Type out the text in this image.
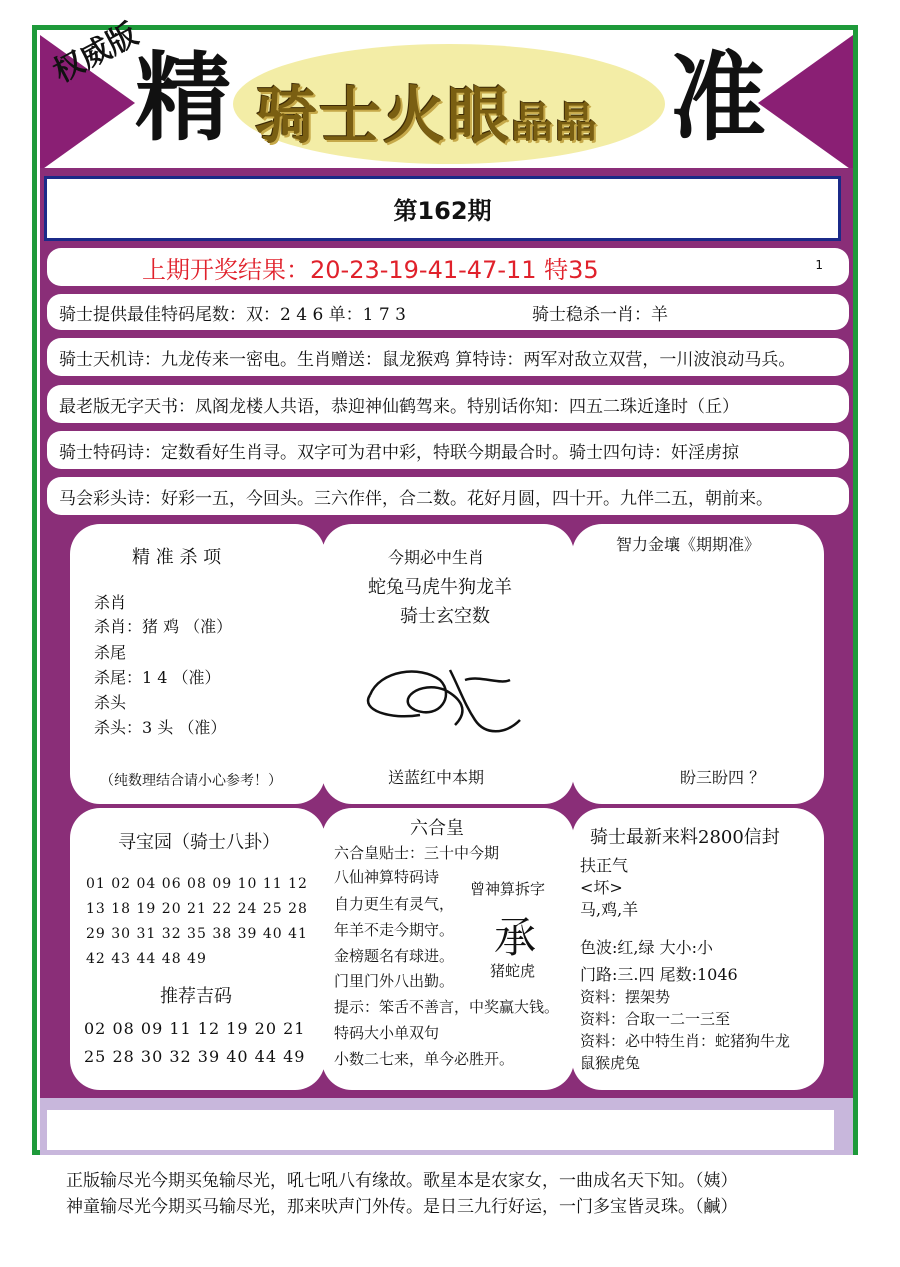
权威版
精	准
骑士火眼晶晶
第162期
上期开奖结果：20-23-19-41-47-11 特35	1
骑士提供最佳特码尾数：双：2 4 6 单：1 7 3	骑士稳杀一肖：羊
骑士天机诗：九龙传来一密电。生肖赠送：鼠龙猴鸡 算特诗：两军对敌立双营，一川波浪动马兵。
最老版无字天书：凤阁龙楼人共语，恭迎神仙鹤驾来。特别话你知：四五二珠近逢时（丘）
骑士特码诗：定数看好生肖寻。双字可为君中彩，特联今期最合时。骑士四句诗：奸淫虏掠
马会彩头诗：好彩一五，今回头。三六作伴，合二数。花好月圆，四十开。九伴二五，朝前来。
精 准 杀 项
杀肖
杀肖：猪 鸡 （准）
杀尾
杀尾：1 4 （准）
杀头
杀头：3 头 （准）
（纯数理结合请小心参考！）
今期必中生肖
蛇兔马虎牛狗龙羊
骑士玄空数
送蓝红中本期
智力金壤《期期准》
盼三盼四 ？
寻宝园（骑士八卦）
01 02 04 06 08 09 10 11 12
13 18 19 20 21 22 24 25 28
29 30 31 32 35 38 39 40 41
42 43 44 48 49
推荐吉码
02 08 09 11 12 19 20 21
25 28 30 32 39 40 44 49
六合皇
六合皇贴士：三十中今期
八仙神算特码诗
自力更生有灵气，
年羊不走今期守。
金榜题名有球进。
门里门外八出勤。
提示：笨舌不善言，中奖赢大钱。
特码大小单双句
小数二七来，单今必胜开。
曾神算拆字
承
猪蛇虎
骑士最新来料2800信封
扶正气
<坏>
马,鸡,羊
色波:红,绿 大小:小
门路:三.四 尾数:1046
资料：摆架势
资料：合取一二一三至
资料：必中特生肖：蛇猪狗牛龙
鼠猴虎兔
正版输尽光今期买兔输尽光，吼七吼八有缘故。歌星本是农家女，一曲成名天下知。（姨）
神童输尽光今期买马输尽光，那来吠声门外传。是日三九行好运，一门多宝皆灵珠。（鹹）
